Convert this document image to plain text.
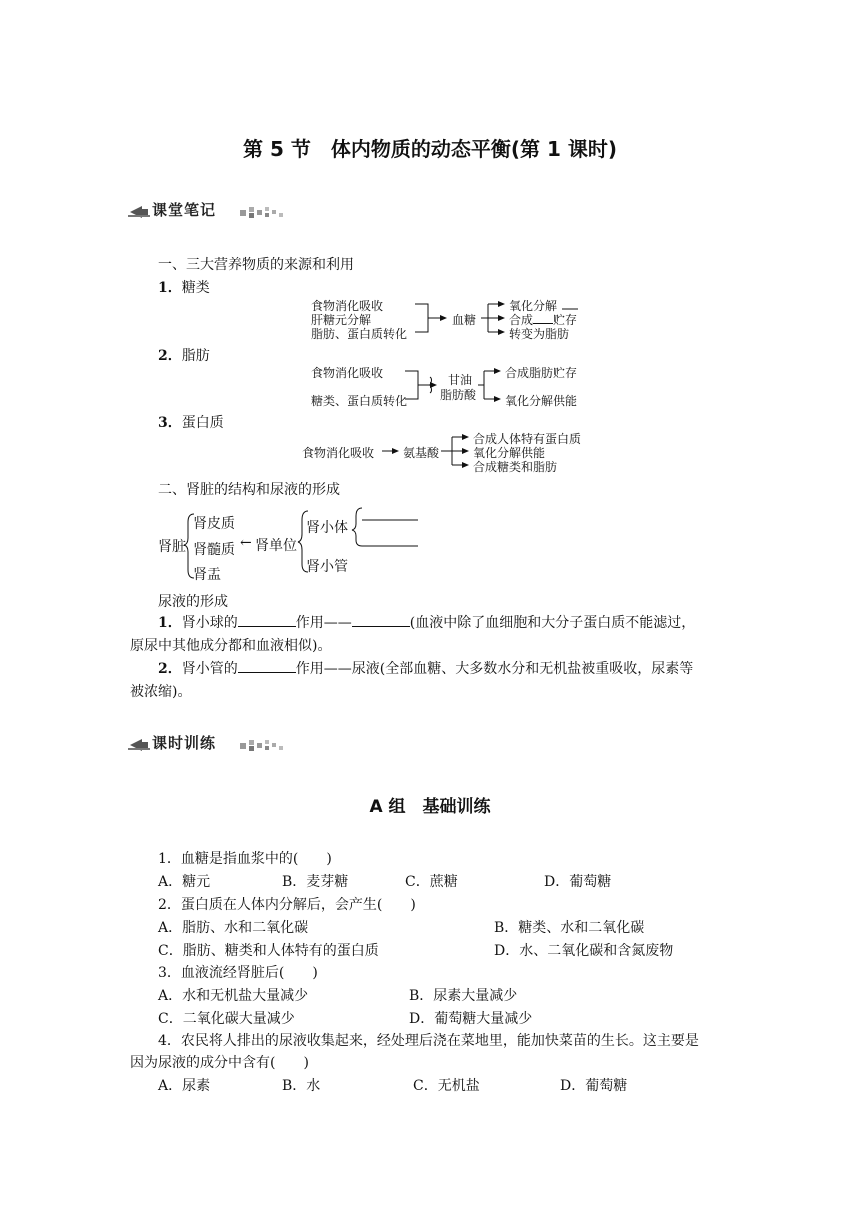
第 5 节　体内物质的动态平衡(第 1 课时)
课堂笔记
一、三大营养物质的来源和利用
1．糖类
食物消化吸收
肝糖元分解
脂肪、蛋白质转化
血糖
氧化分解
合成 贮存
转变为脂肪
2．脂肪
食物消化吸收
糖类、蛋白质转化
甘油
脂肪酸
合成脂肪贮存
氧化分解供能
3．蛋白质
食物消化吸收 氨基酸
合成人体特有蛋白质
氧化分解供能
合成糖类和脂肪
二、肾脏的结构和尿液的形成
肾脏
肾皮质
肾髓质
肾盂
← 肾单位
肾小体
肾小管
尿液的形成
1．肾小球的	作用——	(血液中除了血细胞和大分子蛋白质不能滤过，
原尿中其他成分都和血液相似)。
2．肾小管的	作用——尿液(全部血糖、大多数水分和无机盐被重吸收，尿素等
被浓缩)。
课时训练
A 组　基础训练
1．血糖是指血浆中的(　　)
A．糖元	B．麦芽糖	C．蔗糖	D．葡萄糖
2．蛋白质在人体内分解后，会产生(　　)
A．脂肪、水和二氧化碳	B．糖类、水和二氧化碳
C．脂肪、糖类和人体特有的蛋白质	D．水、二氧化碳和含氮废物
3．血液流经肾脏后(　　)
A．水和无机盐大量减少	B．尿素大量减少
C．二氧化碳大量减少	D．葡萄糖大量减少
4．农民将人排出的尿液收集起来，经处理后浇在菜地里，能加快菜苗的生长。这主要是
因为尿液的成分中含有(　　)
A．尿素	B．水	C．无机盐	D．葡萄糖
